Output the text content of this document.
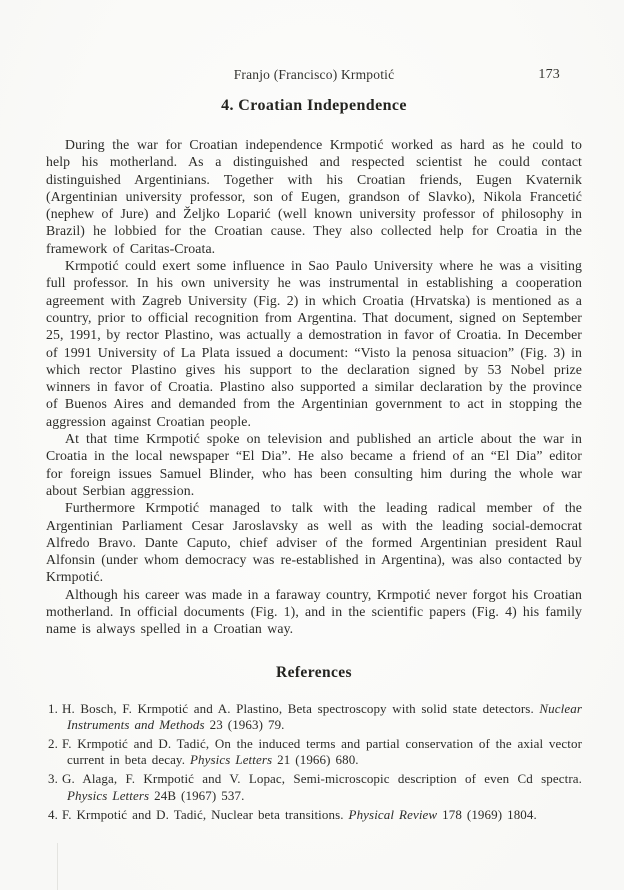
Franjo (Francisco) Krmpotić	173
4. Croatian Independence

During the war for Croatian independence Krmpotić worked as hard as he could to help his motherland. As a distinguished and respected scientist he could contact distinguished Argentinians. Together with his Croatian friends, Eugen Kvaternik (Argentinian university professor, son of Eugen, grandson of Slavko), Nikola Francetić (nephew of Jure) and Željko Loparić (well known university professor of philosophy in Brazil) he lobbied for the Croatian cause. They also collected help for Croatia in the framework of Caritas-Croata.

Krmpotić could exert some influence in Sao Paulo University where he was a visiting full professor. In his own university he was instrumental in establishing a cooperation agreement with Zagreb University (Fig. 2) in which Croatia (Hrvatska) is mentioned as a country, prior to official recognition from Argentina. That document, signed on September 25, 1991, by rector Plastino, was actually a demostration in favor of Croatia. In December of 1991 University of La Plata issued a document: “Visto la penosa situacion” (Fig. 3) in which rector Plastino gives his support to the declaration signed by 53 Nobel prize winners in favor of Croatia. Plastino also supported a similar declaration by the province of Buenos Aires and demanded from the Argentinian government to act in stopping the aggression against Croatian people.

At that time Krmpotić spoke on television and published an article about the war in Croatia in the local newspaper “El Dia”. He also became a friend of an “El Dia” editor for foreign issues Samuel Blinder, who has been consulting him during the whole war about Serbian aggression.

Furthermore Krmpotić managed to talk with the leading radical member of the Argentinian Parliament Cesar Jaroslavsky as well as with the leading social-democrat Alfredo Bravo. Dante Caputo, chief adviser of the formed Argentinian president Raul Alfonsin (under whom democracy was re-established in Argentina), was also contacted by Krmpotić.

Although his career was made in a faraway country, Krmpotić never forgot his Croatian motherland. In official documents (Fig. 1), and in the scientific papers (Fig. 4) his family name is always spelled in a Croatian way.

References
1. H. Bosch, F. Krmpotić and A. Plastino, Beta spectroscopy with solid state detectors. Nuclear Instruments and Methods 23 (1963) 79.
2. F. Krmpotić and D. Tadić, On the induced terms and partial conservation of the axial vector current in beta decay. Physics Letters 21 (1966) 680.
3. G. Alaga, F. Krmpotić and V. Lopac, Semi-microscopic description of even Cd spectra. Physics Letters 24B (1967) 537.
4. F. Krmpotić and D. Tadić, Nuclear beta transitions. Physical Review 178 (1969) 1804.
